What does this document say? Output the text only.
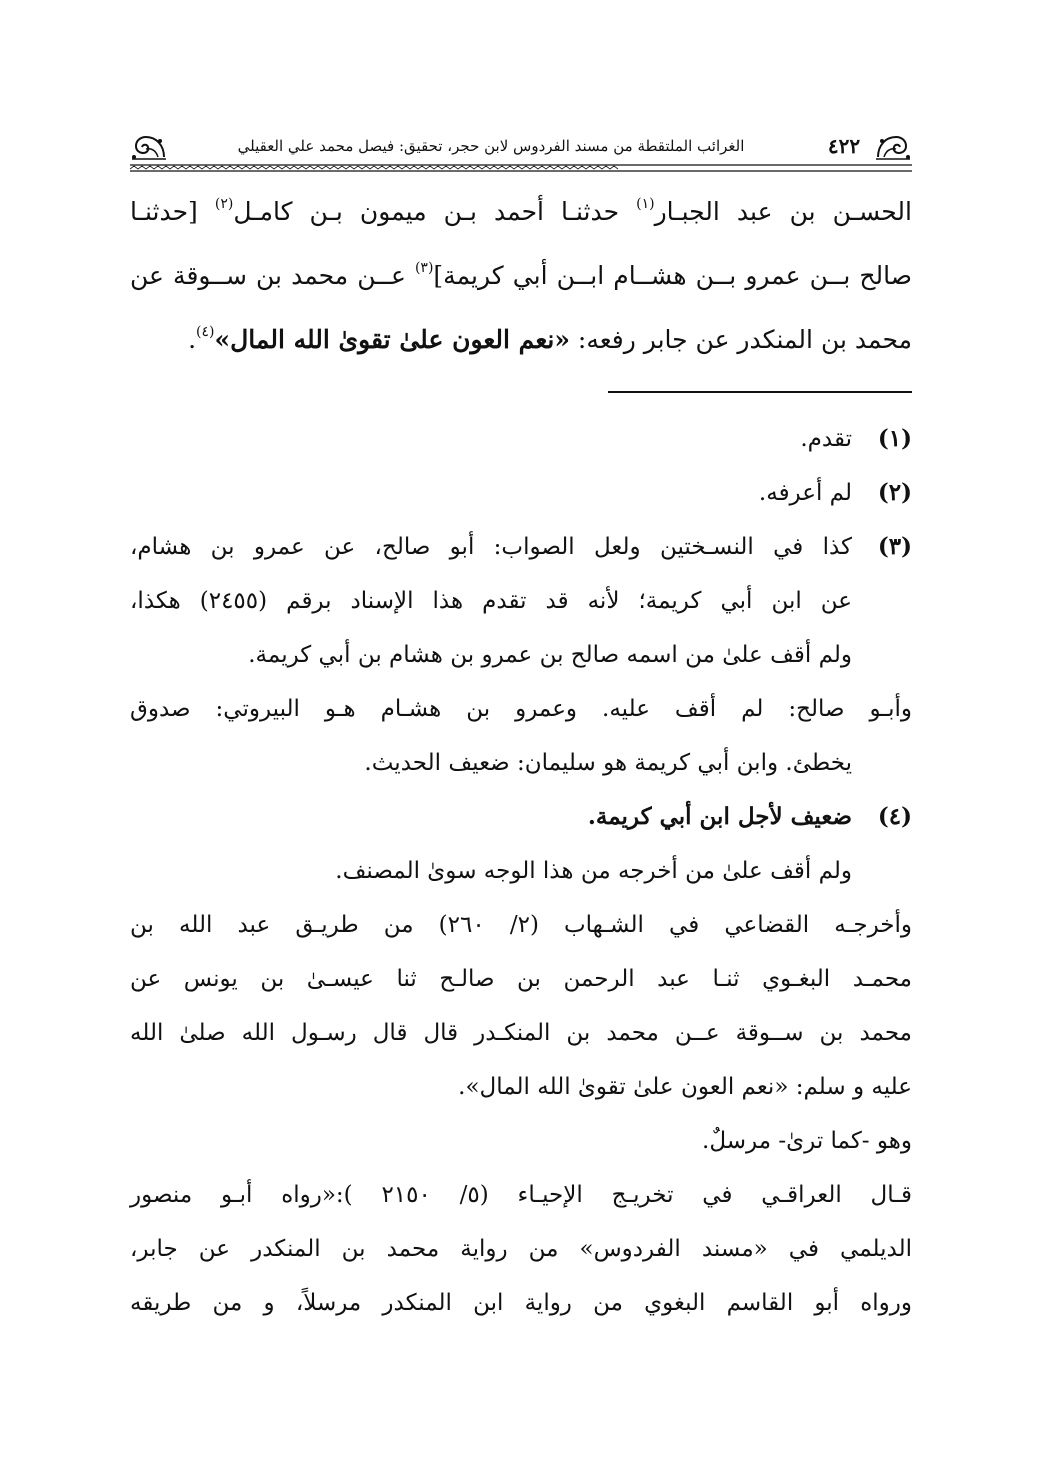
٤٢٢
الغرائب الملتقطة من مسند الفردوس لابن حجر، تحقيق: فيصل محمد علي العقيلي
الحسـن بن عبد الجبـار$^{(١)}$ حدثنـا أحمد بـن ميمون بـن كامـل$^{(٢)}$ [حدثنـا
صالح بــن عمرو بــن هشــام ابــن أبي كريمة]$^{(٣)}$ عــن محمد بن ســوقة عن
محمد بن المنكدر عن جابر رفعه: «نعم العون علىٰ تقوىٰ الله المال»$^{(٤)}$.
(١)
تقدم.
(٢)
لم أعرفه.
(٣)
كذا في النسـختين ولعل الصواب: أبو صالح، عن عمرو بن هشام،
عن ابن أبي كريمة؛ لأنه قد تقدم هذا الإسناد برقم (٢٤٥٥) هكذا،
ولم أقف علىٰ من اسمه صالح بن عمرو بن هشام بن أبي كريمة.
وأبـو صالح: لم أقف عليه. وعمرو بن هشـام هـو البيروتي: صدوق
يخطئ. وابن أبي كريمة هو سليمان: ضعيف الحديث.
(٤)
ضعيف لأجل ابن أبي كريمة.
ولم أقف علىٰ من أخرجه من هذا الوجه سوىٰ المصنف.
وأخرجـه القضاعي في الشـهاب (٢/ ٢٦٠) من طريـق عبد الله بن
محمـد البغـوي ثنـا عبد الرحمن بن صالـح ثنا عيسـىٰ بن يونس عن
محمد بن ســوقة عــن محمد بن المنكـدر قال قال رسـول الله صلىٰ الله
عليه و سلم: «نعم العون علىٰ تقوىٰ الله المال».
وهو -كما ترىٰ- مرسلٌ.
قـال العراقـي في تخريـج الإحيـاء (٥/ ٢١٥٠ ):«رواه أبـو منصور
الديلمي في «مسند الفردوس» من رواية محمد بن المنكدر عن جابر،
ورواه أبو القاسم البغوي من رواية ابن المنكدر مرسلاً، و من طريقه
